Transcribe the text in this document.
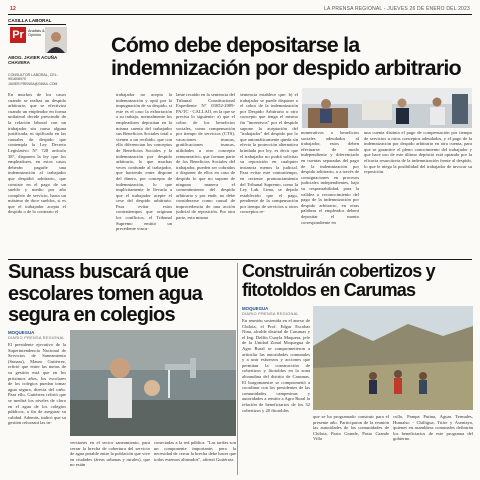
12	LA PRENSA REGIONAL - JUEVES 26 DE ENERO DEL 2023
CASILLA LABORAL
Pr	Análisis & Opinión
ABOG. JAVIER ACUÑA CHAVERA
CONSULTOR LABORAL, CEL: 951606970
JAVIER.PRENSA@GMAIL.COM
Cómo debe depositarse la indemnización por despido arbitrario
En muchos de los casos cuando se realiza un despido arbitrario, que se efectiviza cuando un empleador en forma unilateral decide prescindir de la relación laboral con un trabajador sin causa alguna justificada, ni tipificada en las causales de despido que contempla la Ley Decreto Legislativo N° 728 artículo 38°, disponen la ley que los empleadores, en estos casos deberán pagarle una indemnización al trabajador que despidió arbitrario, que consiste en el pago de un sueldo y medio por año completo de servicio, hasta un máximo de doce sueldos, si es que el trabajador acepta el despido o de lo contrario el
trabajador no acepta la indemnización y optó por la impugnación de su despido, si este es el caso la exhortación a su trabajo, normalmente los empleadores depositan en la misma cuenta del trabajador sus Beneficios Sociales total o vienen a un recibido, que con ello diferencian los conceptos de Beneficios Sociales y la indemnización por despido arbitrario, lo que muchas veces confunde al trabajador, que haciendo entre dispone del dinero, por concepto de indemnización, lo que implícitamente le llevaría a que el trabajador acepte el cese del despido arbitrario. Para evitar estos contratiempos que originan los conflictos, el Tribunal Supremo emitió un precedente vincu-
lante recaído en la sentencia del Tribunal Constitucional Expediente N° 03052-2009-PA/TC - CALLAO, en la que se precisa lo siguiente: a) que el cobro de los beneficios sociales, como compensación por tiempo de servicios (CTS), vacaciones truncas, gratificaciones truncas, utilidades u otro concepto remunerativo, que forman parte de los Beneficios Sociales del trabajador, pueden ser cobrados o disponer de ellos en caso de despido lo que no supone de ninguna manera el consentimiento del despido arbitrario y por ende, no debe considerarse como causal de improcedencia de una acción judicial de reposición. Por otra parte, esta misma
sentencia establece que: b) el trabajador se puede disponer o el cobro de la indemnización por Despido Arbitrario u otro concepto que tenga el mismo fin "incentivos" por el despido supone la aceptación del "trabajador" del despido por lo que automáticamente queda sin efecto la protección alternativa brindada por ley, es decir que el trabajador no podrá solicitar su reposición en cualquier instancia menos la judicial. Para evitar este contratiempo, en reciente pronunciamiento del Tribunal Supremo, como la Ley Lab. Lima, se dejado establecido que el pago, pendiente de la compensación por tiempo de servicios u otros conceptos re-
numerativos o beneficios sociales adeudados al trabajador, estos deben efectuarse de modo independiente y diferenciado en cuentas separadas del pago de la indemnización por despido arbitrario, o a través de consignaciones en procesos judiciales independientes, bajo su responsabilidad, para la validez o reconocimiento del pago de la indemnización por despido arbitrario, en otras palabras el empleador deberá depositar el monto correspondiente en
una cuenta distinta el pago de compensación por tiempo de servicios u otros conceptos adeudados, y el pago de la indemnización por despido arbitrario en otra cuenta, para que se garantice el pleno conocimiento del trabajador y que hace uso de este último depósito está optando por la eficacia resarcitoria de la indemnización frente al despido, lo que le niega la posibilidad del trabajador de invocar su reposición.
Sunass buscará que escolares tomen agua segura en colegios
MOQUEGUA
DIARIO PRENSA REGIONAL
El presidente ejecutivo de la Superintendencia Nacional de Servicios de Saneamiento (Sunass), Mauro Gutiérrez, refirió que entre las metas de su gestión está que en los próximos años, los escolares de los colegios puedan tomar agua segura, directa del caño. Para ello, Gutiérrez refirió que se medirá los niveles de cloro en el agua de los colegios públicos, a fin de asegurar su calidad. Además, indicó que su gestión reforzará las in-
versiones en el sector saneamiento, para cerrar la brecha de cobertura del servicio de agua potable entre la población que vive en ciudades (áreas urbanas y rurales), que no están
conectadas a la red pública. "Las tarifas son un componente importante; pero la necesidad de cerrar la brecha debe hacer que todos estemos alineados", afirmó Gutiérrez.
Construirán cobertizos y fitotoldos en Carumas
MOQUEGUA
DIARIO PRENSA REGIONAL
En reunión sostenida en el anexo de Chilota, el Prof. Edgar Escobar Nina, alcalde distrital de Carumas y el Ing. Delfín Cuayla Maquera, jefe de la Unidad Zonal Moquegua de Agro Rural se comprometieron a articular las autoridades comunales y a unir esfuerzos y acciones que permitan la construcción de cobertizos y fitotoldos en la zona altoandina del distrito de Carumas. El burgomaestre se comprometió a coordinar con los presidentes de las comunidades campesinas y autoridades a remitir a Agro Rural la relación de beneficiarios de los 32 cobertizos y 20 fitotoldos
que se ha programado construir para el presente año. Participaron de la reunión las autoridades de las comunidades de Chilota, Pasto Grande, Pasto Grande Villa
collo, Pampa Putina, Aguas Termales, Humalso - Chilligua, Titire y Asentaya, quienes en asambleas comunales definirán los beneficiarios de este programa del gobierno.
